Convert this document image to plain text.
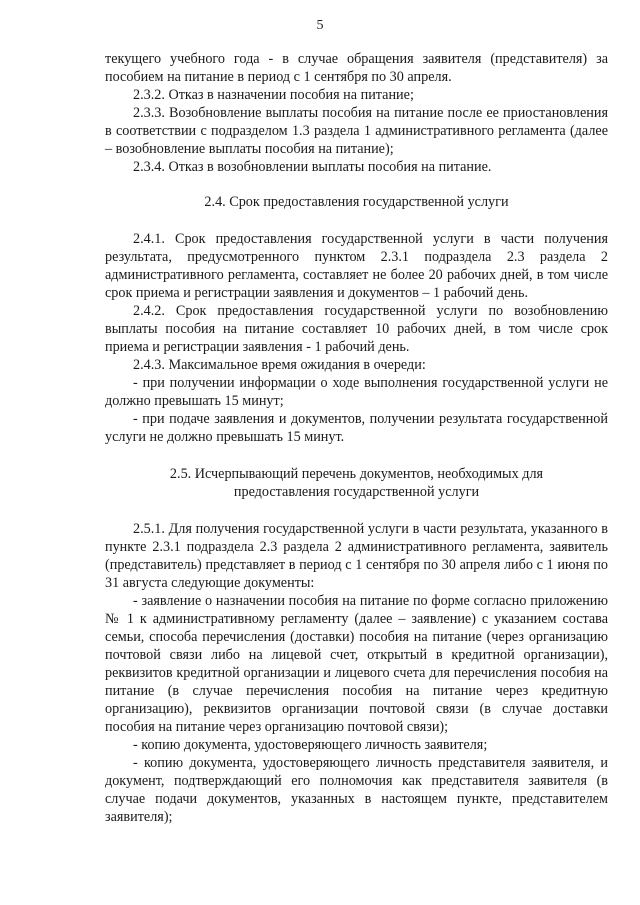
5

текущего учебного года - в случае обращения заявителя (представителя) за пособием на питание в период с 1 сентября по 30 апреля.

2.3.2. Отказ в назначении пособия на питание;

2.3.3. Возобновление выплаты пособия на питание после ее приостановления в соответствии с подразделом 1.3 раздела 1 административного регламента (далее – возобновление выплаты пособия на питание);

2.3.4. Отказ в возобновлении выплаты пособия на питание.

2.4. Срок предоставления государственной услуги

2.4.1. Срок предоставления государственной услуги в части получения результата, предусмотренного пунктом 2.3.1 подраздела 2.3 раздела 2 административного регламента, составляет не более 20 рабочих дней, в том числе срок приема и регистрации заявления и документов – 1 рабочий день.

2.4.2. Срок предоставления государственной услуги по возобновлению выплаты пособия на питание составляет 10 рабочих дней, в том числе срок приема и регистрации заявления - 1 рабочий день.

2.4.3. Максимальное время ожидания в очереди:

- при получении информации о ходе выполнения государственной услуги не должно превышать 15 минут;

- при подаче заявления и документов, получении результата государственной услуги не должно превышать 15 минут.

2.5. Исчерпывающий перечень документов, необходимых для

предоставления государственной услуги

2.5.1. Для получения государственной услуги в части результата, указанного в пункте 2.3.1 подраздела 2.3 раздела 2 административного регламента, заявитель (представитель) представляет в период с 1 сентября по 30 апреля либо с 1 июня по 31 августа следующие документы:

- заявление о назначении пособия на питание по форме согласно приложению № 1 к административному регламенту (далее – заявление) с указанием состава семьи, способа перечисления (доставки) пособия на питание (через организацию почтовой связи либо на лицевой счет, открытый в кредитной организации), реквизитов кредитной организации и лицевого счета для перечисления пособия на питание (в случае перечисления пособия на питание через кредитную организацию), реквизитов организации почтовой связи (в случае доставки пособия на питание через организацию почтовой связи);

- копию документа, удостоверяющего личность заявителя;

- копию документа, удостоверяющего личность представителя заявителя, и документ, подтверждающий его полномочия как представителя заявителя (в случае подачи документов, указанных в настоящем пункте, представителем заявителя);
